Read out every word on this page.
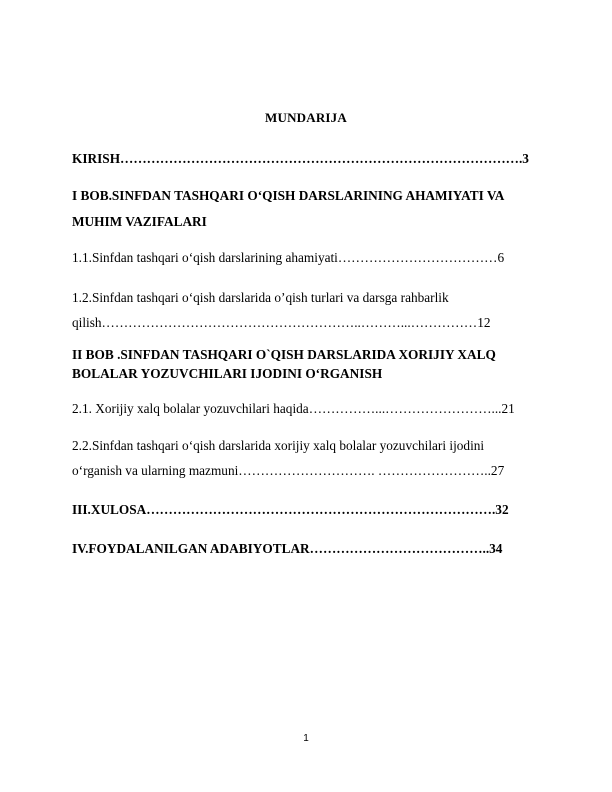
MUNDARIJA
KIRISH……………………………………………………………………………….3
I BOB.SINFDAN TASHQARI O‘QISH DARSLARINING AHAMIYATI VA
MUHIM VAZIFALARI
1.1.Sinfdan tashqari o‘qish darslarining ahamiyati………………………………6
1.2.Sinfdan tashqari o‘qish darslarida o’qish turlari va darsga rahbarlik
qilish…………………………………………………..………...……………12
II BOB .SINFDAN TASHQARI O`QISH DARSLARIDA XORIJIY XALQ
BOLALAR YOZUVCHILARI IJODINI O‘RGANISH
2.1. Xorijiy xalq bolalar yozuvchilari haqida……………...……………………...21
2.2.Sinfdan tashqari o‘qish darslarida xorijiy xalq bolalar yozuvchilari ijodini
o‘rganish va ularning mazmuni…………………………. ……………………..27
III.XULOSA…………………………………………………………………….32
IV.FOYDALANILGAN ADABIYOTLAR…………………………………..34
1
